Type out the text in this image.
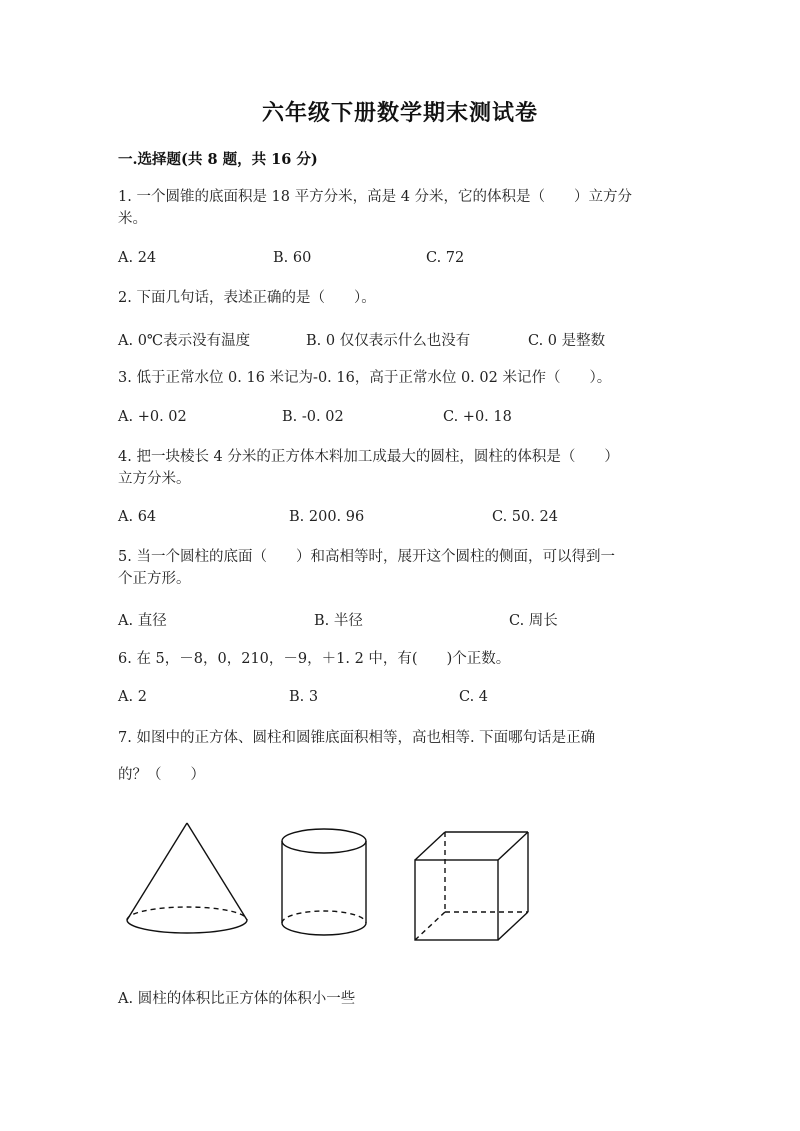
六年级下册数学期末测试卷
一.选择题(共 8 题，共 16 分)
1. 一个圆锥的底面积是 18 平方分米，高是 4 分米，它的体积是（　　）立方分
米。
A. 24	B. 60	C. 72
2. 下面几句话，表述正确的是（　　）。
A. 0℃表示没有温度	B. 0 仅仅表示什么也没有	C. 0 是整数
3. 低于正常水位 0. 16 米记为-0. 16，高于正常水位 0. 02 米记作（　　）。
A. +0. 02	B. -0. 02	C. +0. 18
4. 把一块棱长 4 分米的正方体木料加工成最大的圆柱，圆柱的体积是（　　）
立方分米。
A. 64	B. 200. 96	C. 50. 24
5. 当一个圆柱的底面（　　）和高相等时，展开这个圆柱的侧面，可以得到一
个正方形。
A. 直径	B. 半径	C. 周长
6. 在 5，－8，0，210，－9，＋1. 2 中，有(　　)个正数。
A. 2	B. 3	C. 4
7. 如图中的正方体、圆柱和圆锥底面积相等，高也相等. 下面哪句话是正确
的？（　　）
A. 圆柱的体积比正方体的体积小一些
